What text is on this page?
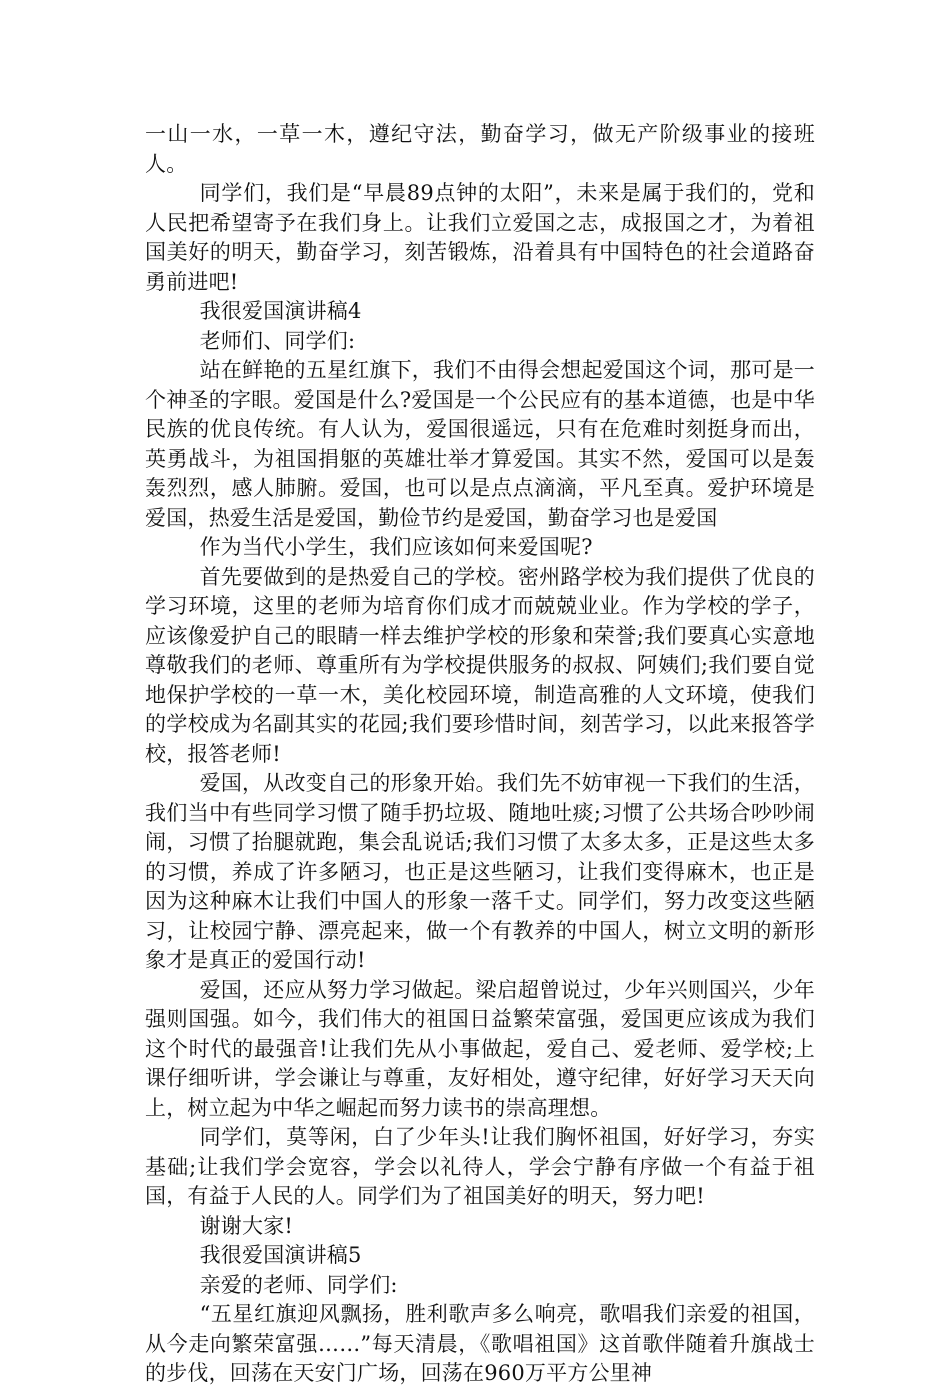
一山一水，一草一木，遵纪守法，勤奋学习，做无产阶级事业的接班人。

同学们，我们是“早晨89点钟的太阳”，未来是属于我们的，党和人民把希望寄予在我们身上。让我们立爱国之志，成报国之才，为着祖国美好的明天，勤奋学习，刻苦锻炼，沿着具有中国特色的社会道路奋勇前进吧!

我很爱国演讲稿4

老师们、同学们:

站在鲜艳的五星红旗下，我们不由得会想起爱国这个词，那可是一个神圣的字眼。爱国是什么?爱国是一个公民应有的基本道德，也是中华民族的优良传统。有人认为，爱国很遥远，只有在危难时刻挺身而出，英勇战斗，为祖国捐躯的英雄壮举才算爱国。其实不然，爱国可以是轰轰烈烈，感人肺腑。爱国，也可以是点点滴滴，平凡至真。爱护环境是爱国，热爱生活是爱国，勤俭节约是爱国，勤奋学习也是爱国

作为当代小学生，我们应该如何来爱国呢?

首先要做到的是热爱自己的学校。密州路学校为我们提供了优良的学习环境，这里的老师为培育你们成才而兢兢业业。作为学校的学子，应该像爱护自己的眼睛一样去维护学校的形象和荣誉;我们要真心实意地尊敬我们的老师、尊重所有为学校提供服务的叔叔、阿姨们;我们要自觉地保护学校的一草一木，美化校园环境，制造高雅的人文环境，使我们的学校成为名副其实的花园;我们要珍惜时间，刻苦学习，以此来报答学校，报答老师!

爱国，从改变自己的形象开始。我们先不妨审视一下我们的生活，我们当中有些同学习惯了随手扔垃圾、随地吐痰;习惯了公共场合吵吵闹闹，习惯了抬腿就跑，集会乱说话;我们习惯了太多太多，正是这些太多的习惯，养成了许多陋习，也正是这些陋习，让我们变得麻木，也正是因为这种麻木让我们中国人的形象一落千丈。同学们，努力改变这些陋习，让校园宁静、漂亮起来，做一个有教养的中国人，树立文明的新形象才是真正的爱国行动!

爱国，还应从努力学习做起。梁启超曾说过，少年兴则国兴，少年强则国强。如今，我们伟大的祖国日益繁荣富强，爱国更应该成为我们这个时代的最强音!让我们先从小事做起，爱自己、爱老师、爱学校;上课仔细听讲，学会谦让与尊重，友好相处，遵守纪律，好好学习天天向上，树立起为中华之崛起而努力读书的崇高理想。

同学们，莫等闲，白了少年头!让我们胸怀祖国，好好学习，夯实基础;让我们学会宽容，学会以礼待人，学会宁静有序做一个有益于祖国，有益于人民的人。同学们为了祖国美好的明天，努力吧!

谢谢大家!

我很爱国演讲稿5

亲爱的老师、同学们:

“五星红旗迎风飘扬，胜利歌声多么响亮，歌唱我们亲爱的祖国，从今走向繁荣富强……”每天清晨，《歌唱祖国》这首歌伴随着升旗战士的步伐，回荡在天安门广场，回荡在960万平方公里神
